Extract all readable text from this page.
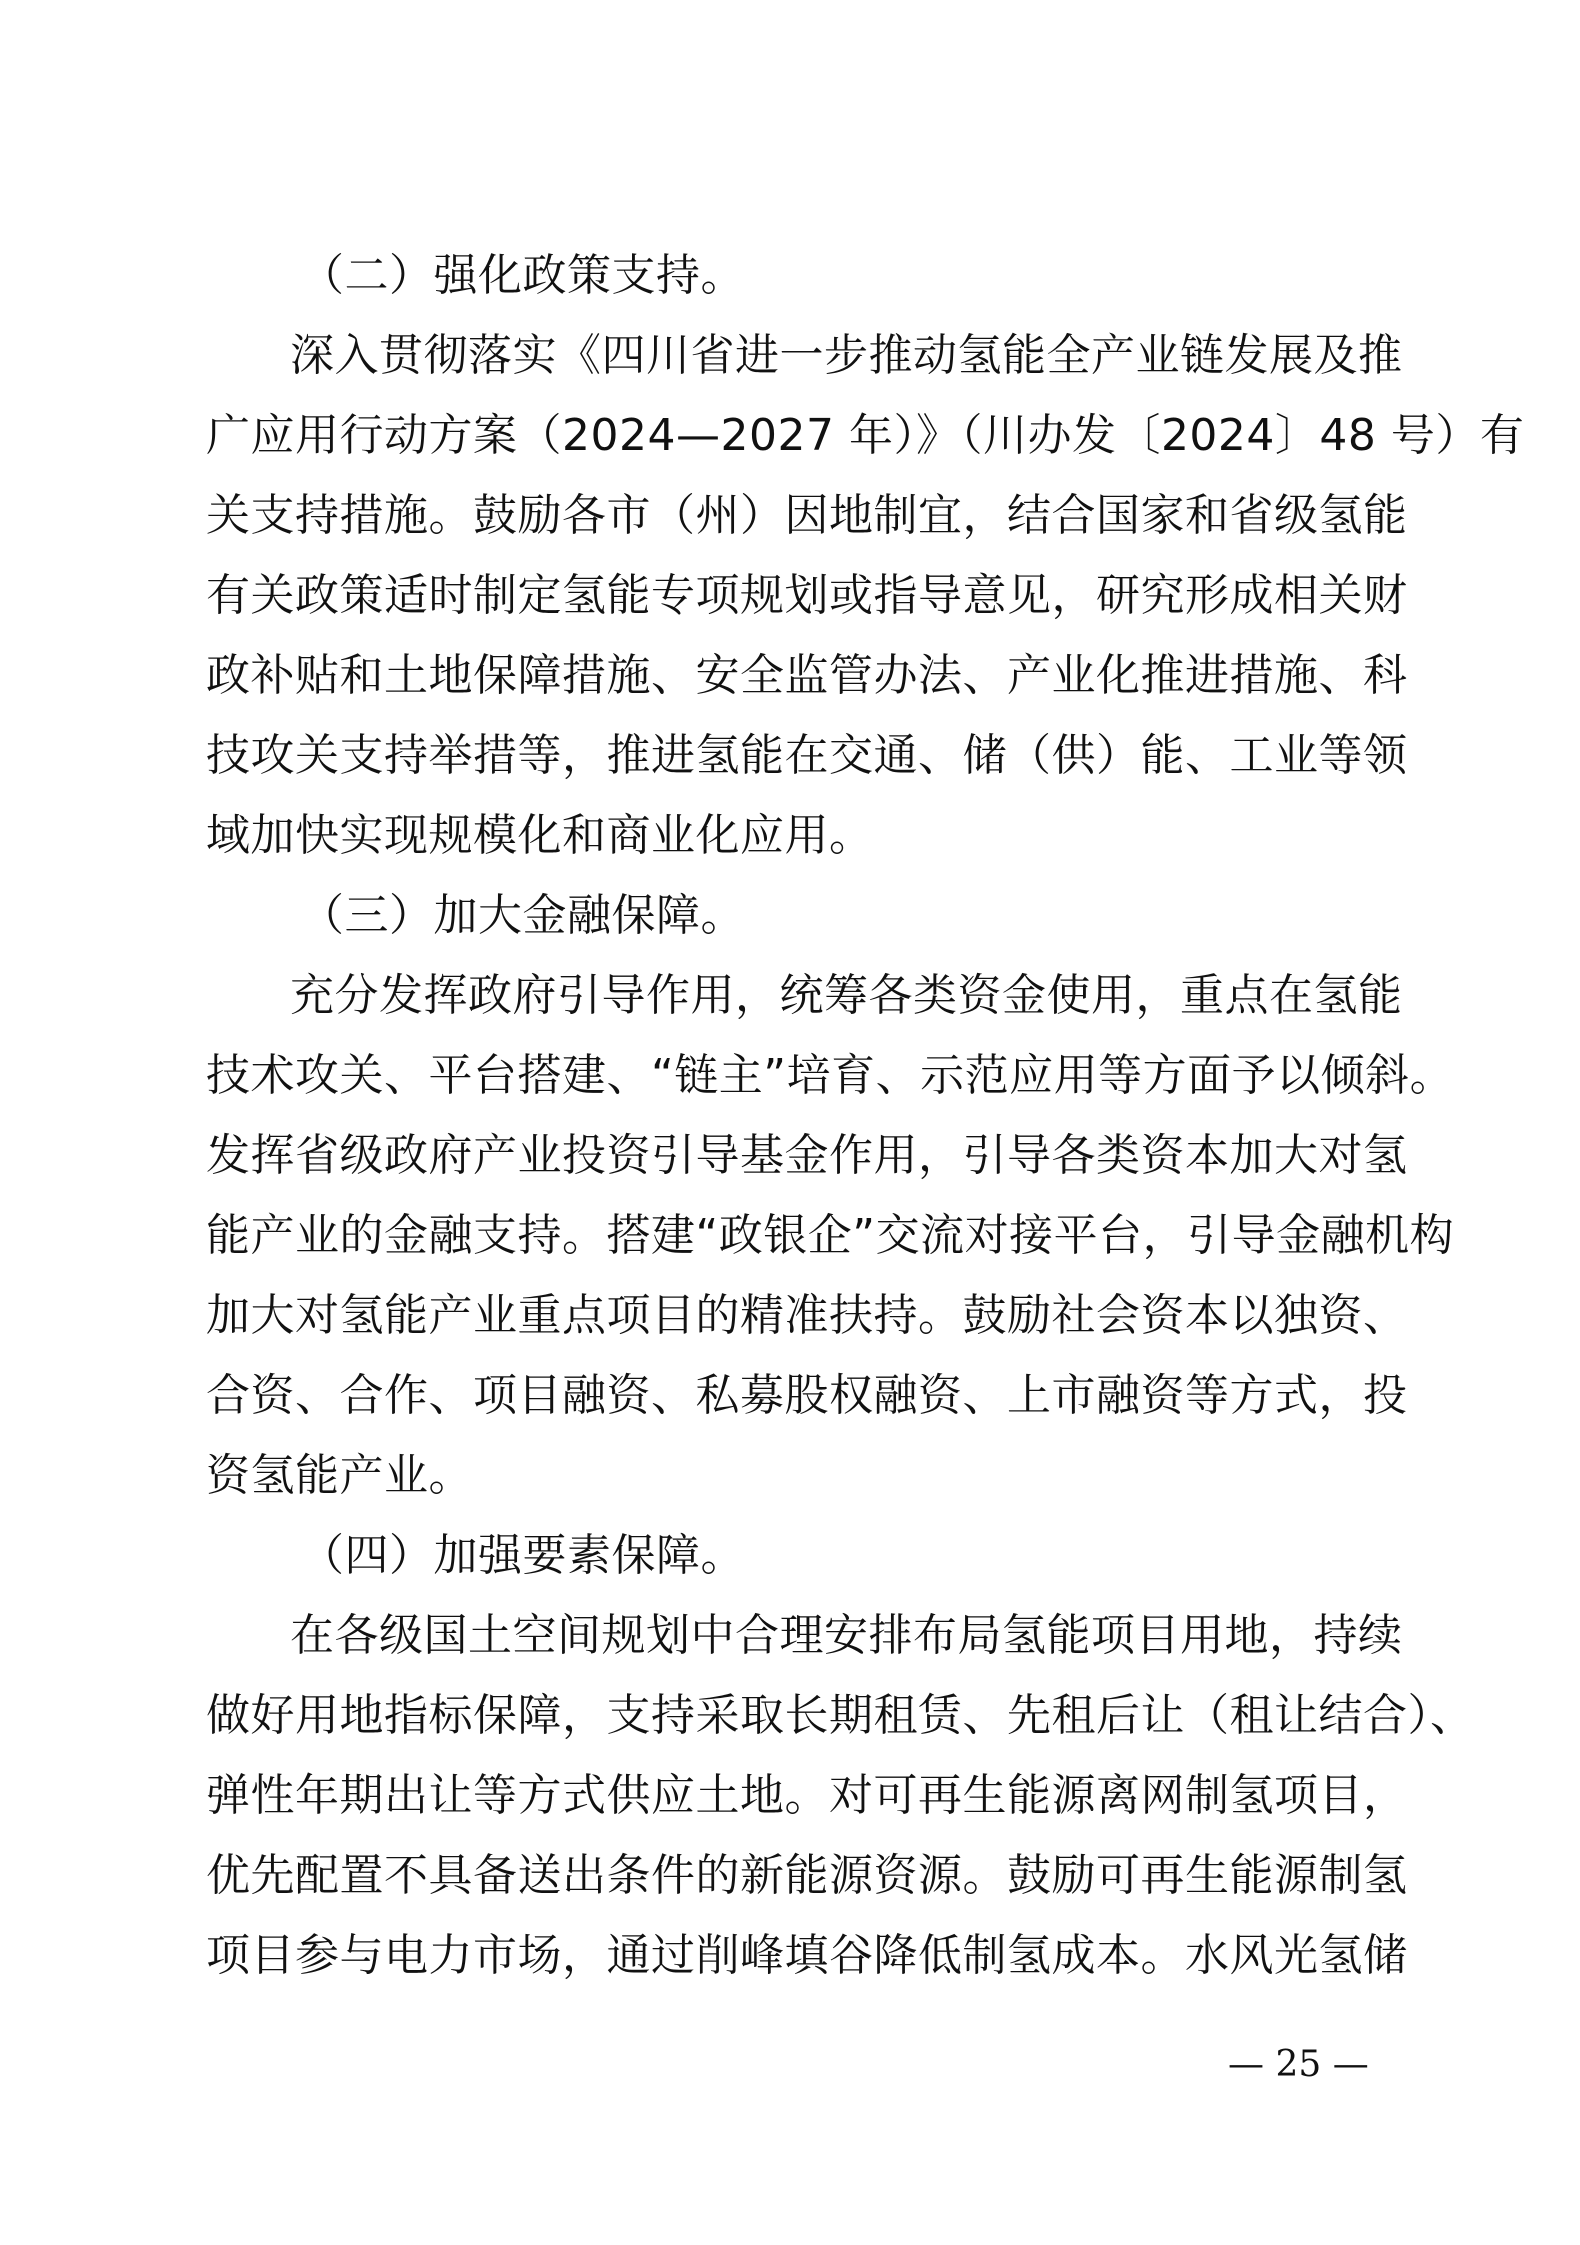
（二）强化政策支持。
深入贯彻落实《四川省进一步推动氢能全产业链发展及推
广应用行动方案（2024—2027 年）》（川办发〔2024〕48 号）有
关支持措施。鼓励各市（州）因地制宜，结合国家和省级氢能
有关政策适时制定氢能专项规划或指导意见，研究形成相关财
政补贴和土地保障措施、安全监管办法、产业化推进措施、科
技攻关支持举措等，推进氢能在交通、储（供）能、工业等领
域加快实现规模化和商业化应用。
（三）加大金融保障。
充分发挥政府引导作用，统筹各类资金使用，重点在氢能
技术攻关、平台搭建、“链主”培育、示范应用等方面予以倾斜。
发挥省级政府产业投资引导基金作用，引导各类资本加大对氢
能产业的金融支持。搭建“政银企”交流对接平台，引导金融机构
加大对氢能产业重点项目的精准扶持。鼓励社会资本以独资、
合资、合作、项目融资、私募股权融资、上市融资等方式，投
资氢能产业。
（四）加强要素保障。
在各级国土空间规划中合理安排布局氢能项目用地，持续
做好用地指标保障，支持采取长期租赁、先租后让（租让结合）、
弹性年期出让等方式供应土地。对可再生能源离网制氢项目，
优先配置不具备送出条件的新能源资源。鼓励可再生能源制氢
项目参与电力市场，通过削峰填谷降低制氢成本。水风光氢储
— 25 —
